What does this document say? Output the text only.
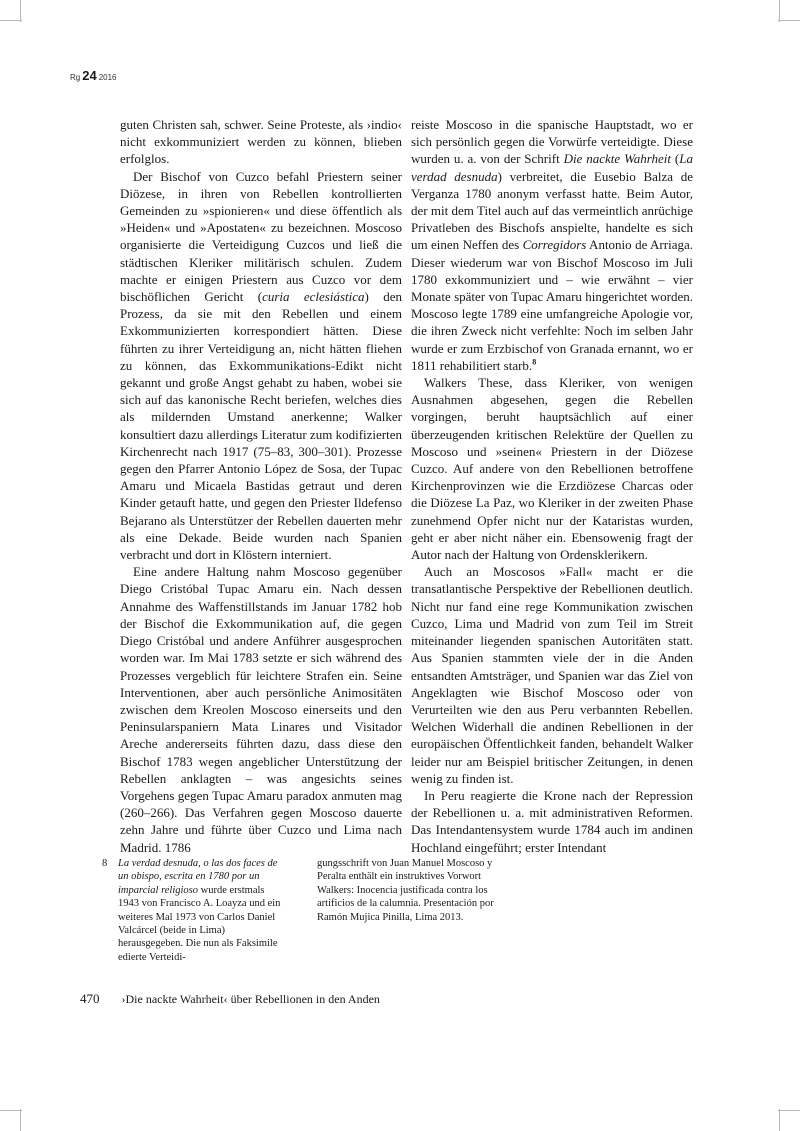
Rg 24 2016

guten Christen sah, schwer. Seine Proteste, als ›indio‹ nicht exkommuniziert werden zu können, blieben erfolglos.

Der Bischof von Cuzco befahl Priestern seiner Diözese, in ihren von Rebellen kontrollierten Gemeinden zu »spionieren« und diese öffentlich als »Heiden« und »Apostaten« zu bezeichnen. Moscoso organisierte die Verteidigung Cuzcos und ließ die städtischen Kleriker militärisch schulen. Zudem machte er einigen Priestern aus Cuzco vor dem bischöflichen Gericht (curia eclesiástica) den Prozess, da sie mit den Rebellen und einem Exkommunizierten korrespondiert hätten. Diese führten zu ihrer Verteidigung an, nicht hätten fliehen zu können, das Exkommunikations-Edikt nicht gekannt und große Angst gehabt zu haben, wobei sie sich auf das kanonische Recht beriefen, welches dies als mildernden Umstand anerkenne; Walker konsultiert dazu allerdings Literatur zum kodifizierten Kirchenrecht nach 1917 (75–83, 300–301). Prozesse gegen den Pfarrer Antonio López de Sosa, der Tupac Amaru und Micaela Bastidas getraut und deren Kinder getauft hatte, und gegen den Priester Ildefenso Bejarano als Unterstützer der Rebellen dauerten mehr als eine Dekade. Beide wurden nach Spanien verbracht und dort in Klöstern interniert.

Eine andere Haltung nahm Moscoso gegenüber Diego Cristóbal Tupac Amaru ein. Nach dessen Annahme des Waffenstillstands im Januar 1782 hob der Bischof die Exkommunikation auf, die gegen Diego Cristóbal und andere Anführer ausgesprochen worden war. Im Mai 1783 setzte er sich während des Prozesses vergeblich für leichtere Strafen ein. Seine Interventionen, aber auch persönliche Animositäten zwischen dem Kreolen Moscoso einerseits und den Peninsularspaniern Mata Linares und Visitador Areche andererseits führten dazu, dass diese den Bischof 1783 wegen angeblicher Unterstützung der Rebellen anklagten – was angesichts seines Vorgehens gegen Tupac Amaru paradox anmuten mag (260–266). Das Verfahren gegen Moscoso dauerte zehn Jahre und führte über Cuzco und Lima nach Madrid. 1786

reiste Moscoso in die spanische Hauptstadt, wo er sich persönlich gegen die Vorwürfe verteidigte. Diese wurden u. a. von der Schrift Die nackte Wahrheit (La verdad desnuda) verbreitet, die Eusebio Balza de Verganza 1780 anonym verfasst hatte. Beim Autor, der mit dem Titel auch auf das vermeintlich anrüchige Privatleben des Bischofs anspielte, handelte es sich um einen Neffen des Corregidors Antonio de Arriaga. Dieser wiederum war von Bischof Moscoso im Juli 1780 exkommuniziert und – wie erwähnt – vier Monate später von Tupac Amaru hingerichtet worden. Moscoso legte 1789 eine umfangreiche Apologie vor, die ihren Zweck nicht verfehlte: Noch im selben Jahr wurde er zum Erzbischof von Granada ernannt, wo er 1811 rehabilitiert starb.$^8$

Walkers These, dass Kleriker, von wenigen Ausnahmen abgesehen, gegen die Rebellen vorgingen, beruht hauptsächlich auf einer überzeugenden kritischen Relektüre der Quellen zu Moscoso und »seinen« Priestern in der Diözese Cuzco. Auf andere von den Rebellionen betroffene Kirchenprovinzen wie die Erzdiözese Charcas oder die Diözese La Paz, wo Kleriker in der zweiten Phase zunehmend Opfer nicht nur der Kataristas wurden, geht er aber nicht näher ein. Ebensowenig fragt der Autor nach der Haltung von Ordensklerikern.

Auch an Moscosos »Fall« macht er die transatlantische Perspektive der Rebellionen deutlich. Nicht nur fand eine rege Kommunikation zwischen Cuzco, Lima und Madrid von zum Teil im Streit miteinander liegenden spanischen Autoritäten statt. Aus Spanien stammten viele der in die Anden entsandten Amtsträger, und Spanien war das Ziel von Angeklagten wie Bischof Moscoso oder von Verurteilten wie den aus Peru verbannten Rebellen. Welchen Widerhall die andinen Rebellionen in der europäischen Öffentlichkeit fanden, behandelt Walker leider nur am Beispiel britischer Zeitungen, in denen wenig zu finden ist.

In Peru reagierte die Krone nach der Repression der Rebellionen u. a. mit administrativen Reformen. Das Intendantensystem wurde 1784 auch im andinen Hochland eingeführt; erster Intendant

8 La verdad desnuda, o las dos faces de un obispo, escrita en 1780 por un imparcial religioso wurde erstmals 1943 von Francisco A. Loayza und ein weiteres Mal 1973 von Carlos Daniel Valcárcel (beide in Lima) herausgegeben. Die nun als Faksimile edierte Verteidi-
gungsschrift von Juan Manuel Moscoso y Peralta enthält ein instruktives Vorwort Walkers: Inocencia justificada contra los artificios de la calumnia. Presentación por Ramón Mujica Pinilla, Lima 2013.
470 ›Die nackte Wahrheit‹ über Rebellionen in den Anden
